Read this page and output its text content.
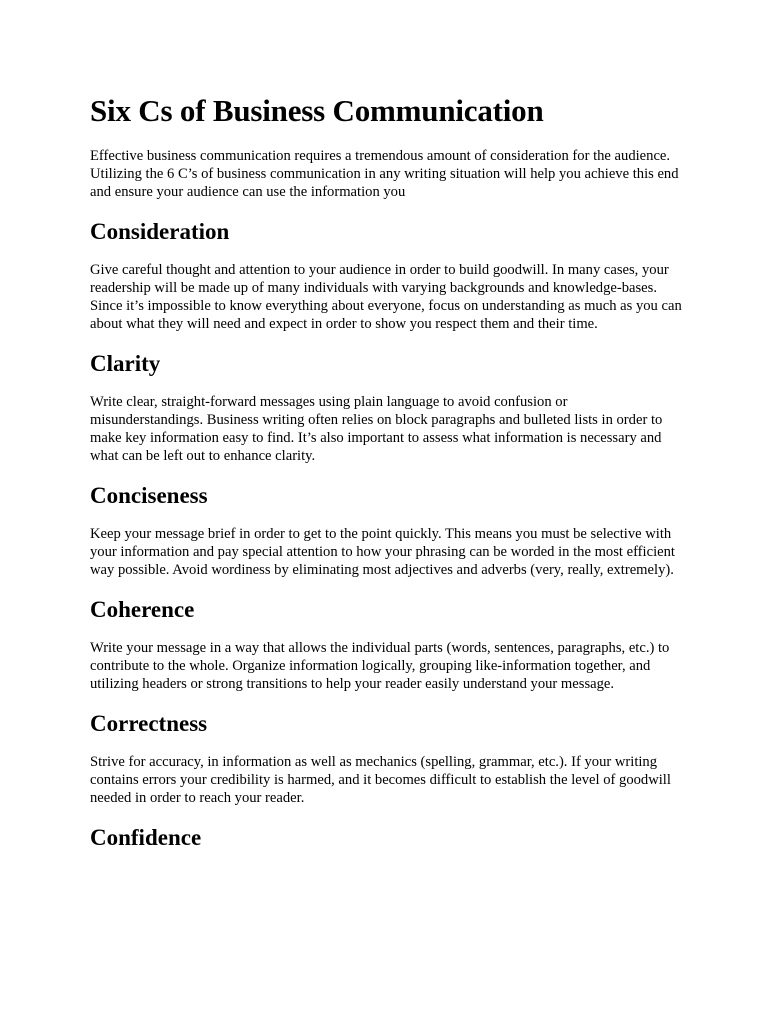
Six Cs of Business Communication

Effective business communication requires a tremendous amount of consideration for the audience. Utilizing the 6 C’s of business communication in any writing situation will help you achieve this end and ensure your audience can use the information you

Consideration

Give careful thought and attention to your audience in order to build goodwill. In many cases, your readership will be made up of many individuals with varying backgrounds and knowledge-bases. Since it’s impossible to know everything about everyone, focus on understanding as much as you can about what they will need and expect in order to show you respect them and their time.

Clarity

Write clear, straight-forward messages using plain language to avoid confusion or misunderstandings. Business writing often relies on block paragraphs and bulleted lists in order to make key information easy to find. It’s also important to assess what information is necessary and what can be left out to enhance clarity.

Conciseness

Keep your message brief in order to get to the point quickly. This means you must be selective with your information and pay special attention to how your phrasing can be worded in the most efficient way possible. Avoid wordiness by eliminating most adjectives and adverbs (very, really, extremely).

Coherence

Write your message in a way that allows the individual parts (words, sentences, paragraphs, etc.) to contribute to the whole. Organize information logically, grouping like-information together, and utilizing headers or strong transitions to help your reader easily understand your message.

Correctness

Strive for accuracy, in information as well as mechanics (spelling, grammar, etc.). If your writing contains errors your credibility is harmed, and it becomes difficult to establish the level of goodwill needed in order to reach your reader.

Confidence
